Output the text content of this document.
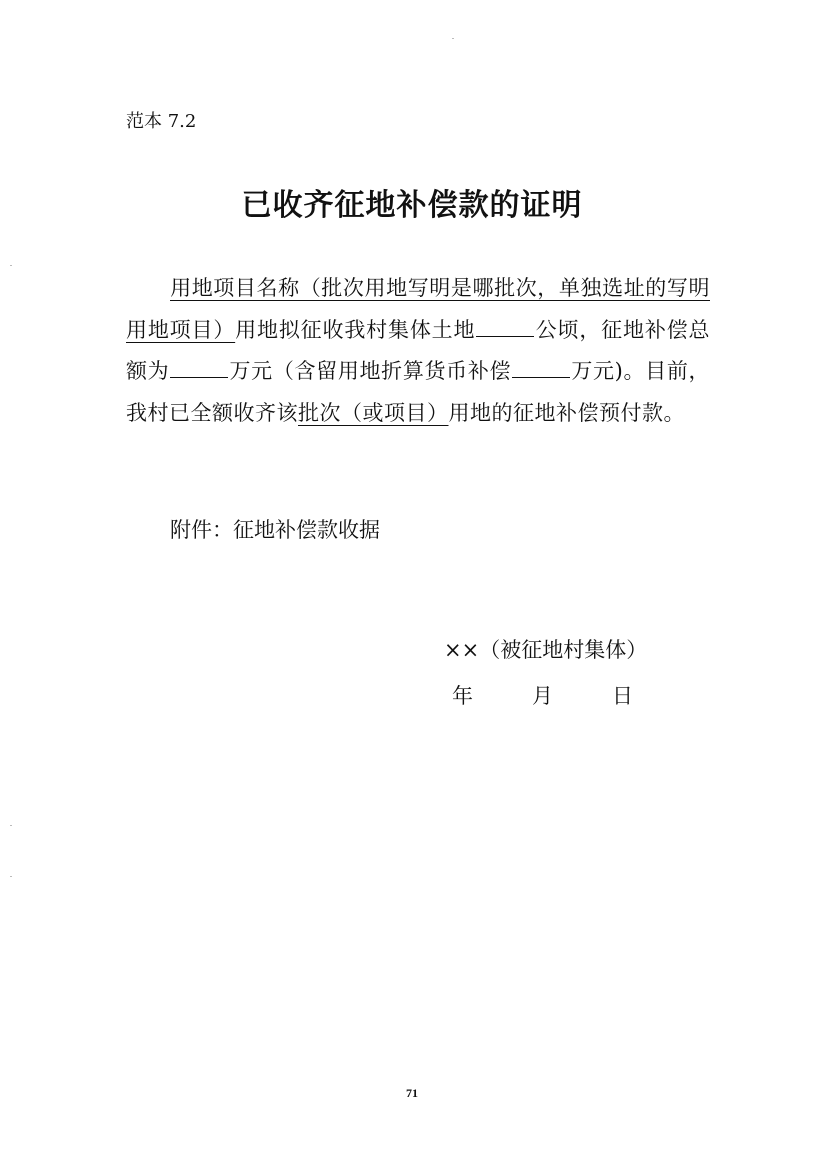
范本 7.2
已收齐征地补偿款的证明
用地项目名称（批次用地写明是哪批次，单独选址的写明用地项目）用地拟征收我村集体土地	公顷，征地补偿总额为	万元（含留用地折算货币补偿	万元)。目前，我村已全额收齐该批次（或项目）用地的征地补偿预付款。
附件：征地补偿款收据
××（被征地村集体）
年	月	日
71
